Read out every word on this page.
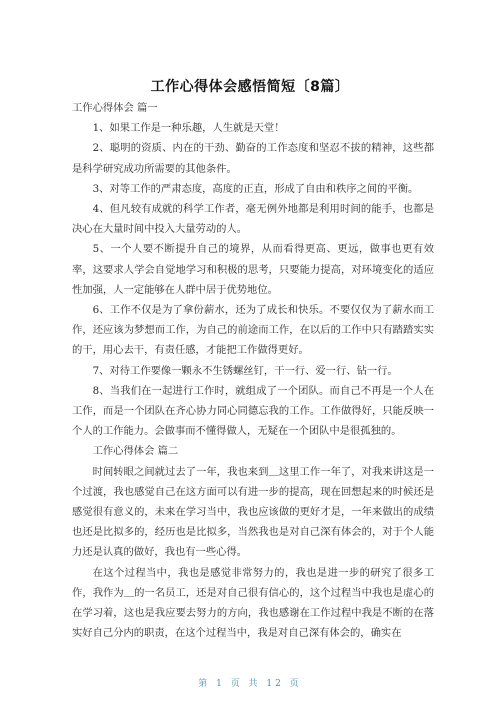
工作心得体会感悟简短〔8篇〕

工作心得体会 篇一

1、如果工作是一种乐趣，人生就是天堂！

2、聪明的资质、内在的干劲、勤奋的工作态度和坚忍不拔的精神，这些都是科学研究成功所需要的其他条件。

3、对等工作的严肃态度，高度的正直，形成了自由和秩序之间的平衡。

4、但凡较有成就的科学工作者，毫无例外地都是利用时间的能手，也都是决心在大量时间中投入大量劳动的人。

5、一个人要不断提升自己的境界，从而看得更高、更远，做事也更有效率，这要求人学会自觉地学习和积极的思考，只要能力提高，对环境变化的适应性加强，人一定能够在人群中居于优势地位。

6、工作不仅是为了拿份薪水，还为了成长和快乐。不要仅仅为了薪水而工作，还应该为梦想而工作，为自己的前途而工作，在以后的工作中只有踏踏实实的干，用心去干，有责任感，才能把工作做得更好。

7、对待工作要像一颗永不生锈螺丝钉，干一行、爱一行、钻一行。

8、当我们在一起进行工作时，就组成了一个团队。而自己不再是一个人在工作，而是一个团队在齐心协力同心同德忘我的工作。工作做得好，只能反映一个人的工作能力。会做事而不懂得做人，无疑在一个团队中是很孤独的。

工作心得体会 篇二

时间转眼之间就过去了一年，我也来到＿这里工作一年了，对我来讲这是一个过渡，我也感觉自己在这方面可以有进一步的提高，现在回想起来的时候还是感觉很有意义的，未来在学习当中，我也应该做的更好才是，一年来做出的成绩也还是比拟多的，经历也是比拟多，当然我也是对自己深有体会的，对于个人能力还是认真的做好，我也有一些心得。

在这个过程当中，我也是感觉非常努力的，我也是进一步的研究了很多工作，我作为＿的一名员工，还是对自己很有信心的，这个过程当中我也是虚心的在学习着，这也是我应要去努力的方向，我也感谢在工作过程中我是不断的在落实好自己分内的职责，在这个过程当中，我是对自己深有体会的，确实在

第 1 页 共 12 页
